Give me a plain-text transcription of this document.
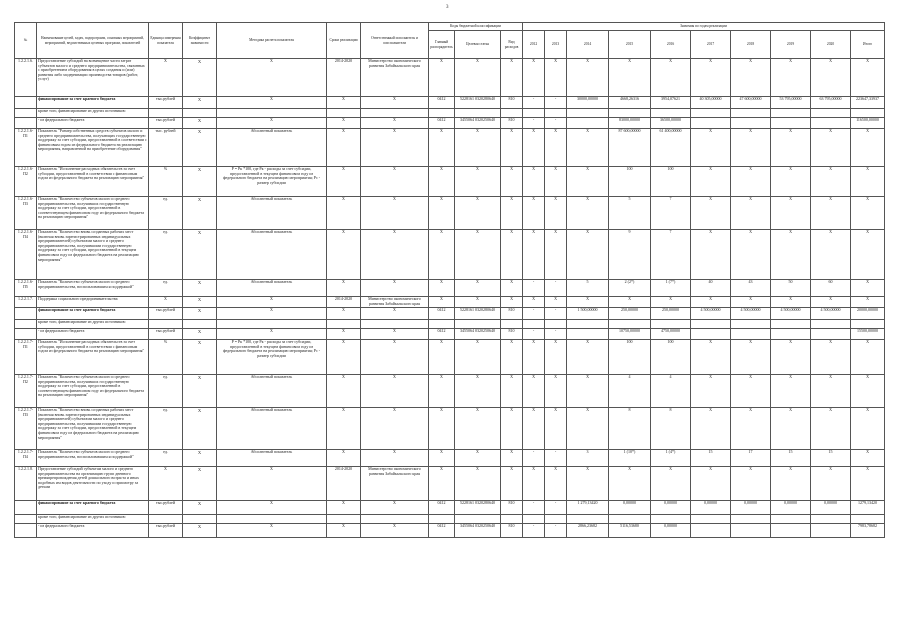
3
№	Наименование целей, задач, подпрограмм, основных мероприятий, мероприятий, ведомственных целевых программ, показателей	Единица измерения показателя	Коэффициент значимости	Методика расчета показателя	Сроки реализации	Ответственный исполнитель и соисполнители	Коды бюджетной классификации			Значения по годам реализации									
							Главный распорядитель	Целевая статья	Вид расходов	2012	2013	2014	2015	2016	2017	2018	2019	2020	Итого
1.2.2.1.6.	Предоставление субсидий на возмещение части затрат субъектов малого и среднего предпринимательства, связанных с приобретением оборудования в целях создания и (или) развития либо модернизации производства товаров (работ, услуг)	Х	Х	Х	2014-2020	Министерство экономического развития Забайкальского края	Х	Х	Х	Х	Х	Х	Х	Х	Х	Х	Х	Х	Х
	финансирование за счет краевого бюджета	тыс.рублей	Х	Х	Х	Х	0412	5228161 0320280640	810	-	-	30000,00000	4668,26316	3954,07621	40 305,00000	47 600,00000	53 795,00000	63 795,00000	223647,33937
	кроме того, финансирование из других источников:																		
	- из федерального бюджета	тыс.рублей	Х	Х	Х	Х	0412	3455064 0320250640	810	-	-		83000,00000	36500,00000					116500,00000
1.2.2.1.6-П1	Показатель "Размер собственных средств субъектов малого и среднего предпринимательства, получающих государственную поддержку за счет субсидии, предоставленной в соответствии с финансовым годом из федерального бюджета на реализацию мероприятия, направленной на приобретение оборудования"	тыс. рублей	Х	Абсолютный показатель	Х	Х	Х	Х	Х	Х	Х	Х	87 600,00000	61 400,00000	Х	Х	Х	Х	Х
1.2.2.1.6-П2	Показатель "Исполнение расходных обязательств за счет субсидии, предоставленной в соответствии с финансовым годом из федерального бюджета на реализацию мероприятия"	%	Х	P = Pк *100, где Pк - расходы за счет субсидии, предоставленной в текущем финансовом году из федерального бюджета на реализацию мероприятия; Pс - размер субсидии	Х	Х	Х	Х	Х	Х	Х	Х	100	100	Х	Х	Х	Х	Х
1.2.2.1.6-П3	Показатель "Количество субъектов малого и среднего предпринимательства, получивших государственную поддержку за счет субсидии, предоставленной в соответствующем финансовом году из федерального бюджета на реализацию мероприятия"	ед.	Х	Абсолютный показатель	Х	Х	Х	Х	Х	Х	Х	Х	5	7	Х	Х	Х	Х	Х
1.2.2.1.6-П4	Показатель "Количество вновь созданных рабочих мест (включая вновь зарегистрированных индивидуальных предпринимателей) субъектами малого и среднего предпринимательства, получившими государственную поддержку за счет субсидии, предоставленной в текущем финансовом году из федерального бюджета на реализацию мероприятия"	ед.	Х	Абсолютный показатель	Х	Х	Х	Х	Х	Х	Х	Х	9	7	Х	Х	Х	Х	Х
1.2.2.1.6-П5	Показатель "Количество субъектов малого и среднего предпринимательства, воспользовавшихся поддержкой"	ед.	Х	Абсолютный показатель	Х	Х	Х	Х	Х	-	-	5	2 (2*)	1 (7*)	40	43	50	60	Х
1.2.2.1.7.	Поддержка социального предпринимательства	Х	Х	Х	2014-2020	Министерство экономического развития Забайкальского края	Х	Х	Х	Х	Х	Х	Х	Х	Х	Х	Х	Х	Х
	финансирование за счет краевого бюджета	тыс.рублей	Х	Х	Х	Х	0412	5228161 0320280640	810	-	-	1 500,00000	250,00000	250,00000	4 500,00000	4 500,00000	4 500,00000	4 500,00000	20000,00000
	кроме того, финансирование из других источников:																		
	- из федерального бюджета	тыс.рублей	Х	Х	Х	Х	0412	3455064 0320250640	810	-	-		10750,00000	4750,00000					15500,00000
1.2.2.1.7-П1	Показатель "Исполнение расходных обязательств за счет субсидии, предоставленной в соответствии с финансовым годом из федерального бюджета на реализацию мероприятия"	%	Х	P = Pк *100, где Pк - расходы за счет субсидии, предоставленной в текущем финансовом году из федерального бюджета на реализацию мероприятия; Pс - размер субсидии	Х	Х	Х	Х	Х	Х	Х	Х	100	100	Х	Х	Х	Х	Х
1.2.2.1.7-П2	Показатель "Количество субъектов малого и среднего предпринимательства, получивших государственную поддержку за счет субсидии, предоставленной в соответствующем финансовом году из федерального бюджета на реализацию мероприятия"	ед.	Х	Абсолютный показатель	Х	Х	Х	Х	Х	Х	Х	Х	4	4	Х	Х	Х	Х	Х
1.2.2.1.7-П3	Показатель "Количество вновь созданных рабочих мест (включая вновь зарегистрированных индивидуальных предпринимателей) субъектами малого и среднего предпринимательства, получившими государственную поддержку за счет субсидии, предоставленной в текущем финансовом году из федерального бюджета на реализацию мероприятия"	ед.	Х	Абсолютный показатель	Х	Х	Х	Х	Х	Х	Х	Х	8	8	Х	Х	Х	Х	Х
1.2.2.1.7-П4	Показатель "Количество субъектов малого и среднего предпринимательства, воспользовавшихся поддержкой"	ед.	Х	Абсолютный показатель	Х	Х	Х	Х	Х	-	-	3	1 (10*)	1 (4*)	15	17	15	15	Х
1.2.2.1.8.	Предоставление субсидий субъектам малого и среднего предпринимательства на организацию групп дневного времяпрепровождения детей дошкольного возраста и иных подобных им видов деятельности по уходу и присмотру за детьми	Х	Х	Х	2014-2020	Министерство экономического развития Забайкальского края	Х	Х	Х	Х	Х	Х	Х	Х	Х	Х	Х	Х	Х
	финансирование за счет краевого бюджета	тыс.рублей	Х	Х	Х	Х	0412	5228161 0320280640	810	-	-	1 279,13420	0,00000	0,00000	0,00000	0,00000	0,00000	0,00000	1279,13420
	кроме того, финансирование из других источников:																		
	- из федерального бюджета	тыс.рублей	Х	Х	Х	Х	0412	3455064 0320250640	810	-	-	2866,23682	5116,53680	0,00000					7983,78682
